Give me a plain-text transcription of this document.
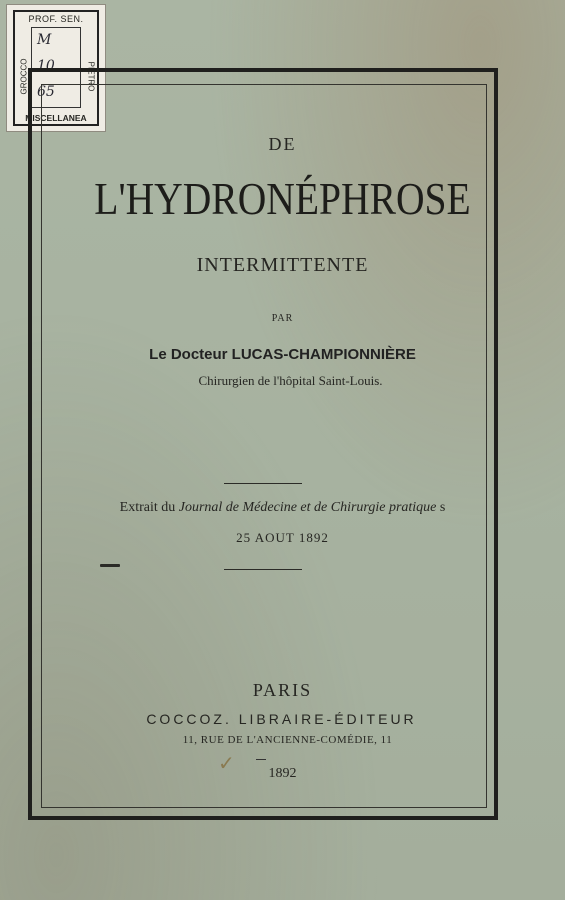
PROF. SEN.
GROCCO	PIETRO
M
10
65
MISCELLANEA
DE
L'HYDRONÉPHROSE
INTERMITTENTE
PAR
Le Docteur LUCAS-CHAMPIONNIÈRE
Chirurgien de l'hôpital Saint-Louis.
Extrait du Journal de Médecine et de Chirurgie pratique s
25 AOUT 1892
PARIS
COCCOZ. LIBRAIRE-ÉDITEUR
11, RUE DE L'ANCIENNE-COMÉDIE, 11
✓	1892
